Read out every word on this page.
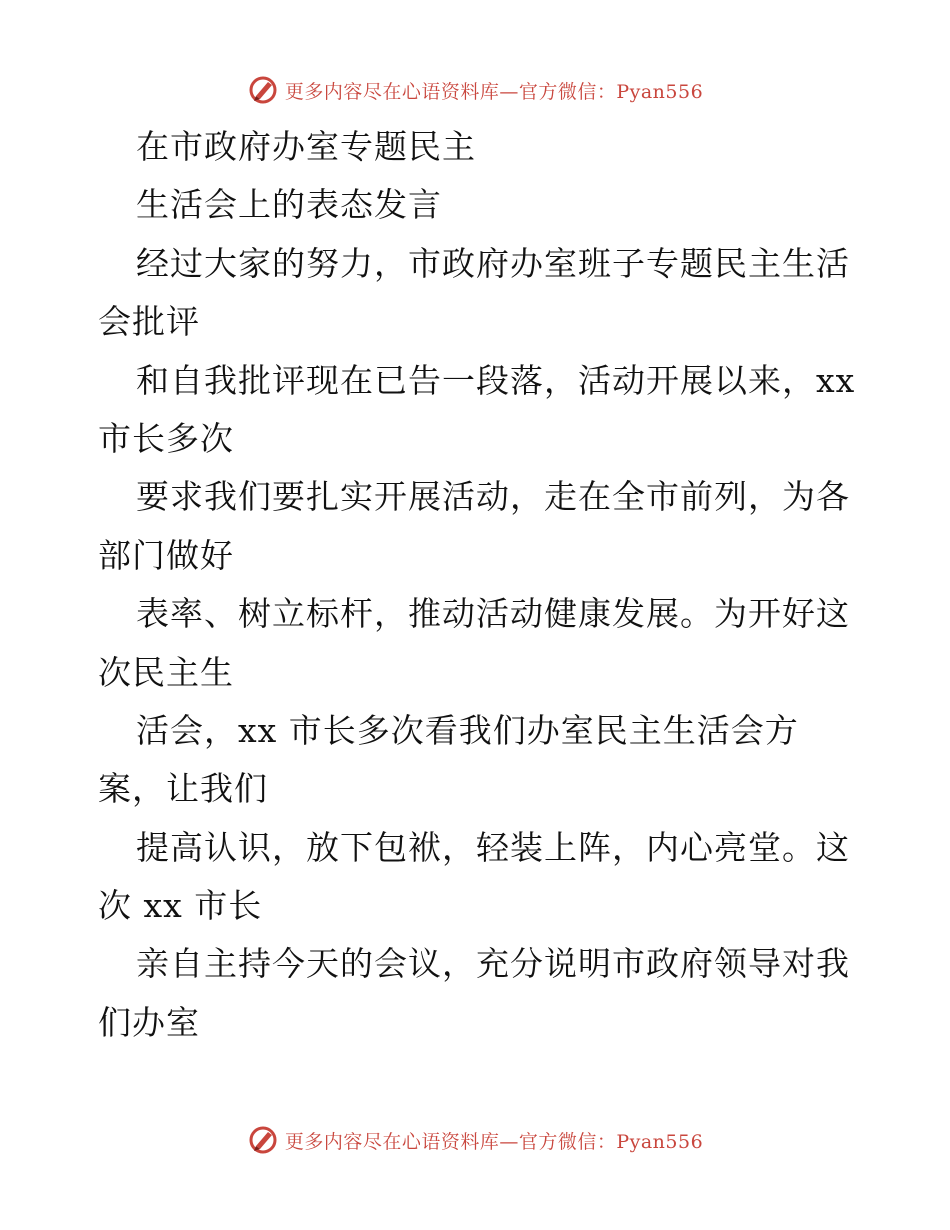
更多内容尽在心语资料库—官方微信：Pyan556
在市政府办室专题民主
生活会上的表态发言
经过大家的努力，市政府办室班子专题民主生活
会批评
和自我批评现在已告一段落，活动开展以来，xx
市长多次
要求我们要扎实开展活动，走在全市前列，为各
部门做好
表率、树立标杆，推动活动健康发展。为开好这
次民主生
活会，xx 市长多次看我们办室民主生活会方
案，让我们
提高认识，放下包袱，轻装上阵，内心亮堂。这
次 xx 市长
亲自主持今天的会议，充分说明市政府领导对我
们办室
更多内容尽在心语资料库—官方微信：Pyan556
